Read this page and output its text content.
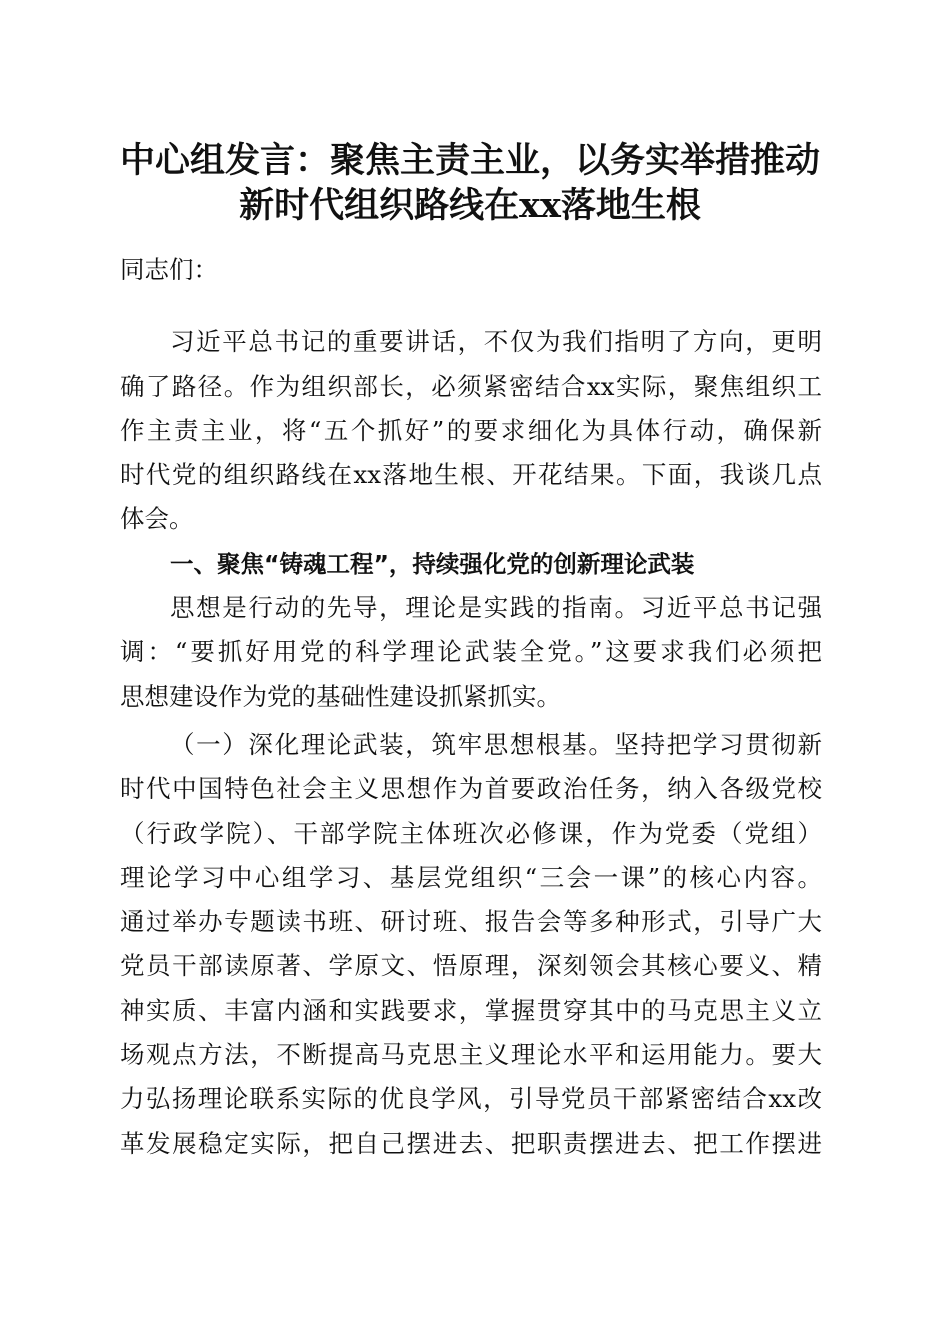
中心组发言：聚焦主责主业，以务实举措推动
新时代组织路线在xx落地生根
同志们：
习近平总书记的重要讲话，不仅为我们指明了方向，更明
确了路径。作为组织部长，必须紧密结合xx实际，聚焦组织工
作主责主业，将“五个抓好”的要求细化为具体行动，确保新
时代党的组织路线在xx落地生根、开花结果。下面，我谈几点
体会。
一、聚焦“铸魂工程”，持续强化党的创新理论武装
思想是行动的先导，理论是实践的指南。习近平总书记强
调：“要抓好用党的科学理论武装全党。”这要求我们必须把
思想建设作为党的基础性建设抓紧抓实。
（一）深化理论武装，筑牢思想根基。坚持把学习贯彻新
时代中国特色社会主义思想作为首要政治任务，纳入各级党校
（行政学院）、干部学院主体班次必修课，作为党委（党组）
理论学习中心组学习、基层党组织“三会一课”的核心内容。
通过举办专题读书班、研讨班、报告会等多种形式，引导广大
党员干部读原著、学原文、悟原理，深刻领会其核心要义、精
神实质、丰富内涵和实践要求，掌握贯穿其中的马克思主义立
场观点方法，不断提高马克思主义理论水平和运用能力。要大
力弘扬理论联系实际的优良学风，引导党员干部紧密结合xx改
革发展稳定实际，把自己摆进去、把职责摆进去、把工作摆进
